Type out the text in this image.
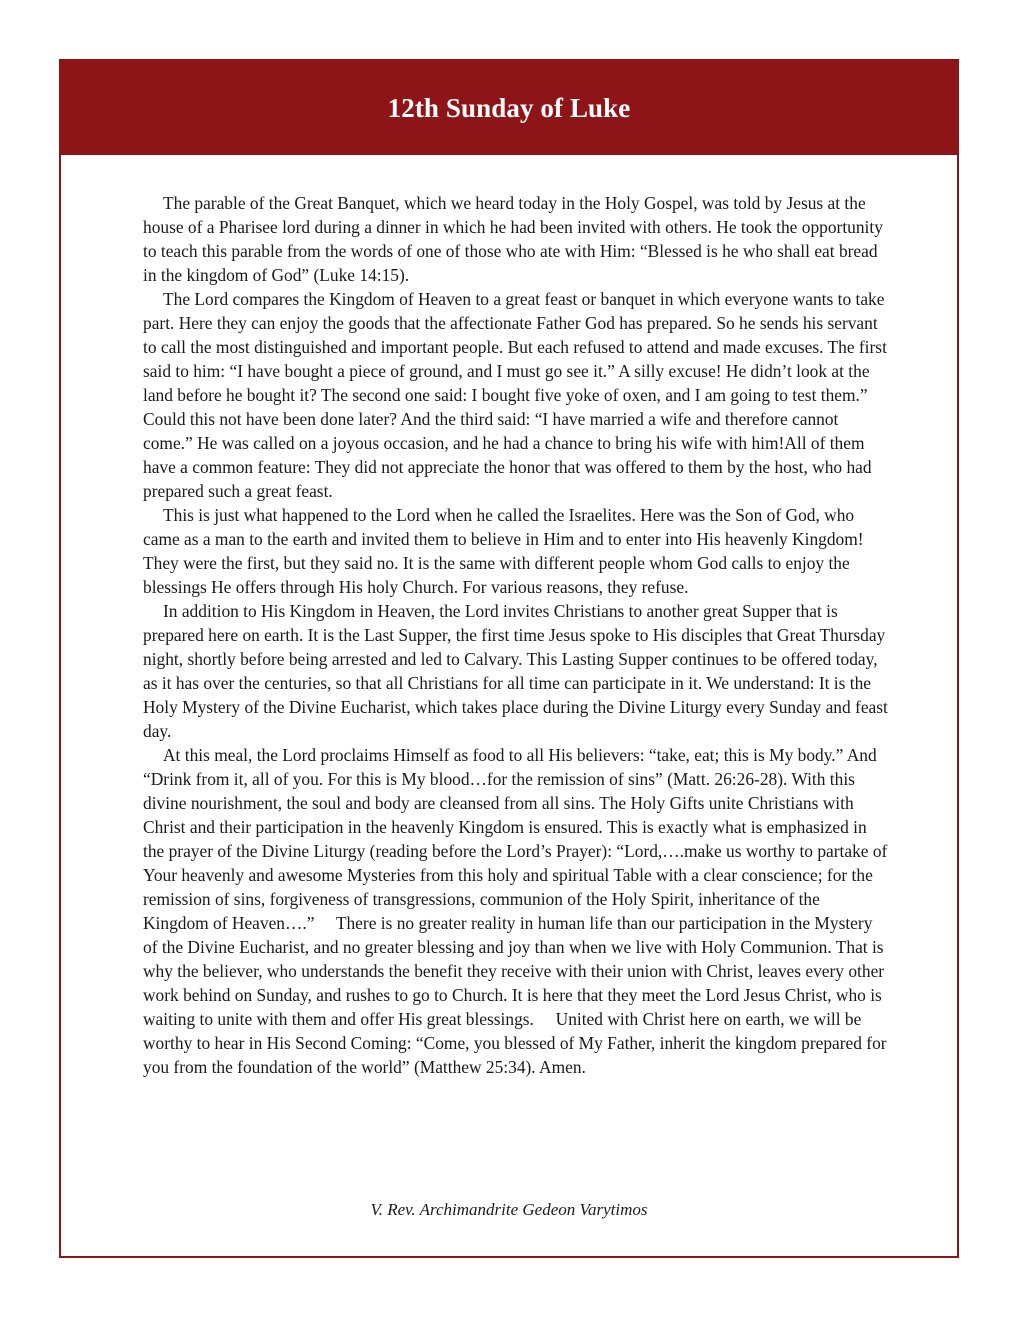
12th Sunday of Luke

The parable of the Great Banquet, which we heard today in the Holy Gospel, was told by Jesus at the house of a Pharisee lord during a dinner in which he had been invited with others. He took the opportunity to teach this parable from the words of one of those who ate with Him: “Blessed is he who shall eat bread in the kingdom of God” (Luke 14:15).

The Lord compares the Kingdom of Heaven to a great feast or banquet in which everyone wants to take part. Here they can enjoy the goods that the affectionate Father God has prepared. So he sends his servant to call the most distinguished and important people. But each refused to attend and made excuses. The first said to him: “I have bought a piece of ground, and I must go see it.” A silly excuse! He didn’t look at the land before he bought it? The second one said: I bought five yoke of oxen, and I am going to test them.” Could this not have been done later? And the third said: “I have married a wife and therefore cannot come.” He was called on a joyous occasion, and he had a chance to bring his wife with him!All of them have a common feature: They did not appreciate the honor that was offered to them by the host, who had prepared such a great feast.

This is just what happened to the Lord when he called the Israelites. Here was the Son of God, who came as a man to the earth and invited them to believe in Him and to enter into His heavenly Kingdom! They were the first, but they said no. It is the same with different people whom God calls to enjoy the blessings He offers through His holy Church. For various reasons, they refuse.

In addition to His Kingdom in Heaven, the Lord invites Christians to another great Supper that is prepared here on earth. It is the Last Supper, the first time Jesus spoke to His disciples that Great Thursday night, shortly before being arrested and led to Calvary. This Lasting Supper continues to be offered today, as it has over the centuries, so that all Christians for all time can participate in it. We understand: It is the Holy Mystery of the Divine Eucharist, which takes place during the Divine Liturgy every Sunday and feast day.

At this meal, the Lord proclaims Himself as food to all His believers: “take, eat; this is My body.” And “Drink from it, all of you. For this is My blood…for the remission of sins” (Matt. 26:26-28). With this divine nourishment, the soul and body are cleansed from all sins. The Holy Gifts unite Christians with Christ and their participation in the heavenly Kingdom is ensured. This is exactly what is emphasized in the prayer of the Divine Liturgy (reading before the Lord’s Prayer): “Lord,….make us worthy to partake of Your heavenly and awesome Mysteries from this holy and spiritual Table with a clear conscience; for the remission of sins, forgiveness of transgressions, communion of the Holy Spirit, inheritance of the Kingdom of Heaven….”     There is no greater reality in human life than our participation in the Mystery of the Divine Eucharist, and no greater blessing and joy than when we live with Holy Communion. That is why the believer, who understands the benefit they receive with their union with Christ, leaves every other work behind on Sunday, and rushes to go to Church. It is here that they meet the Lord Jesus Christ, who is waiting to unite with them and offer His great blessings.     United with Christ here on earth, we will be worthy to hear in His Second Coming: “Come, you blessed of My Father, inherit the kingdom prepared for you from the foundation of the world” (Matthew 25:34). Amen.

V. Rev. Archimandrite Gedeon Varytimos
